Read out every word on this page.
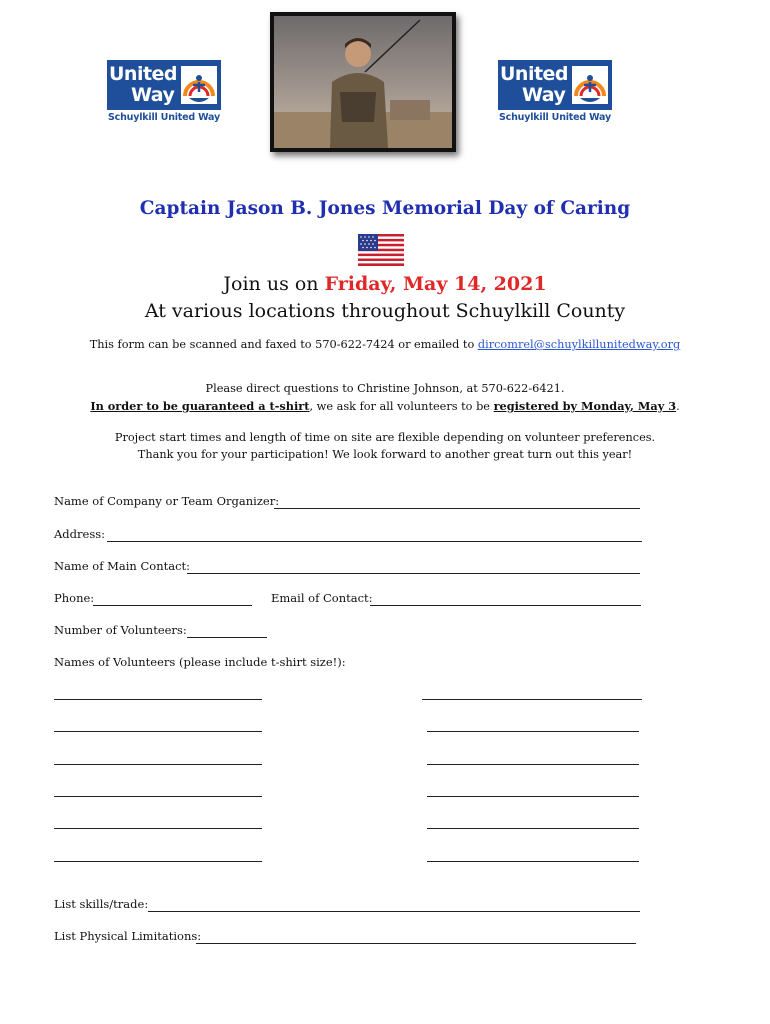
United
Way
Schuylkill United Way
United
Way
Schuylkill United Way
Captain Jason B. Jones Memorial Day of Caring
Join us on Friday, May 14, 2021
At various locations throughout Schuylkill County
This form can be scanned and faxed to 570-622-7424 or emailed to dircomrel@schuylkillunitedway.org
Please direct questions to Christine Johnson, at 570-622-6421.
In order to be guaranteed a t-shirt, we ask for all volunteers to be registered by Monday, May 3.
Project start times and length of time on site are flexible depending on volunteer preferences.
Thank you for your participation! We look forward to another great turn out this year!
Name of Company or Team Organizer:
Address:
Name of Main Contact:
Phone:	Email of Contact:
Number of Volunteers:
Names of Volunteers (please include t-shirt size!):
List skills/trade:
List Physical Limitations:
